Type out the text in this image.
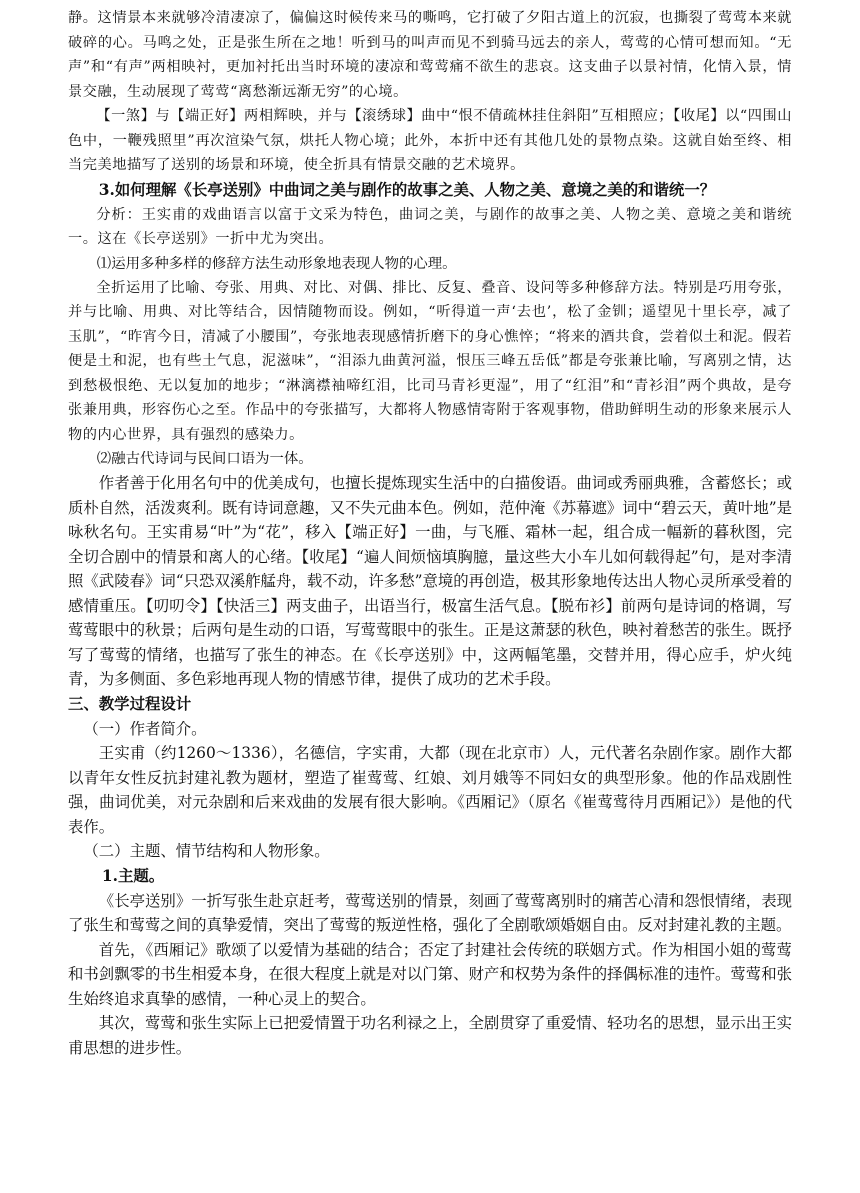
静。这情景本来就够冷清凄凉了，偏偏这时候传来马的嘶鸣，它打破了夕阳古道上的沉寂，也撕裂了莺莺本来就破碎的心。马鸣之处，正是张生所在之地！听到马的叫声而见不到骑马远去的亲人，莺莺的心情可想而知。“无声”和“有声”两相映衬，更加衬托出当时环境的凄凉和莺莺痛不欲生的悲哀。这支曲子以景衬情，化情入景，情景交融，生动展现了莺莺“离愁渐远渐无穷”的心境。

【一煞】与【端正好】两相辉映，并与【滚绣球】曲中“恨不倩疏林挂住斜阳”互相照应；【收尾】以“四围山色中，一鞭残照里”再次渲染气氛，烘托人物心境；此外，本折中还有其他几处的景物点染。这就自始至终、相当完美地描写了送别的场景和环境，使全折具有情景交融的艺术境界。

3.如何理解《长亭送别》中曲词之美与剧作的故事之美、人物之美、意境之美的和谐统一？

分析：王实甫的戏曲语言以富于文采为特色，曲词之美，与剧作的故事之美、人物之美、意境之美和谐统一。这在《长亭送别》一折中尤为突出。

⑴运用多种多样的修辞方法生动形象地表现人物的心理。

全折运用了比喻、夸张、用典、对比、对偶、排比、反复、叠音、设问等多种修辞方法。特别是巧用夸张，并与比喻、用典、对比等结合，因情随物而设。例如，“听得道一声‘去也’，松了金钏；遥望见十里长亭，减了玉肌”，“昨宵今日，清减了小腰围”，夸张地表现感情折磨下的身心憔悴；“将来的酒共食，尝着似土和泥。假若便是土和泥，也有些土气息，泥滋味”，“泪添九曲黄河溢，恨压三峰五岳低”都是夸张兼比喻，写离别之情，达到愁极恨绝、无以复加的地步；“淋漓襟袖啼红泪，比司马青衫更湿”，用了“红泪”和“青衫泪”两个典故，是夸张兼用典，形容伤心之至。作品中的夸张描写，大都将人物感情寄附于客观事物，借助鲜明生动的形象来展示人物的内心世界，具有强烈的感染力。

⑵融古代诗词与民间口语为一体。

作者善于化用名句中的优美成句，也擅长提炼现实生活中的白描俊语。曲词或秀丽典雅，含蓄悠长；或质朴自然，活泼爽利。既有诗词意趣，又不失元曲本色。例如，范仲淹《苏幕遮》词中“碧云天，黄叶地”是咏秋名句。王实甫易“叶”为“花”，移入【端正好】一曲，与飞雁、霜林一起，组合成一幅新的暮秋图，完全切合剧中的情景和离人的心绪。【收尾】“遍人间烦恼填胸臆，量这些大小车儿如何载得起”句，是对李清照《武陵春》词“只恐双溪舴艋舟，载不动，许多愁”意境的再创造，极其形象地传达出人物心灵所承受着的感情重压。【叨叨令】【快活三】两支曲子，出语当行，极富生活气息。【脱布衫】前两句是诗词的格调，写莺莺眼中的秋景；后两句是生动的口语，写莺莺眼中的张生。正是这萧瑟的秋色，映衬着愁苦的张生。既抒写了莺莺的情绪，也描写了张生的神态。在《长亭送别》中，这两幅笔墨，交替并用，得心应手，炉火纯青，为多侧面、多色彩地再现人物的情感节律，提供了成功的艺术手段。

三、教学过程设计

（一）作者简介。

王实甫（约1260～1336），名德信，字实甫，大都（现在北京市）人，元代著名杂剧作家。剧作大都以青年女性反抗封建礼教为题材，塑造了崔莺莺、红娘、刘月娥等不同妇女的典型形象。他的作品戏剧性强，曲词优美，对元杂剧和后来戏曲的发展有很大影响。《西厢记》（原名《崔莺莺待月西厢记》）是他的代表作。

（二）主题、情节结构和人物形象。

1.主题。

《长亭送别》一折写张生赴京赶考，莺莺送别的情景，刻画了莺莺离别时的痛苦心清和怨恨情绪，表现了张生和莺莺之间的真挚爱情，突出了莺莺的叛逆性格，强化了全剧歌颂婚姻自由。反对封建礼教的主题。

首先，《西厢记》歌颂了以爱情为基础的结合；否定了封建社会传统的联姻方式。作为相国小姐的莺莺和书剑飘零的书生相爱本身，在很大程度上就是对以门第、财产和权势为条件的择偶标准的违忤。莺莺和张生始终追求真挚的感情，一种心灵上的契合。

其次，莺莺和张生实际上已把爱情置于功名利禄之上，全剧贯穿了重爱情、轻功名的思想，显示出王实甫思想的进步性。
